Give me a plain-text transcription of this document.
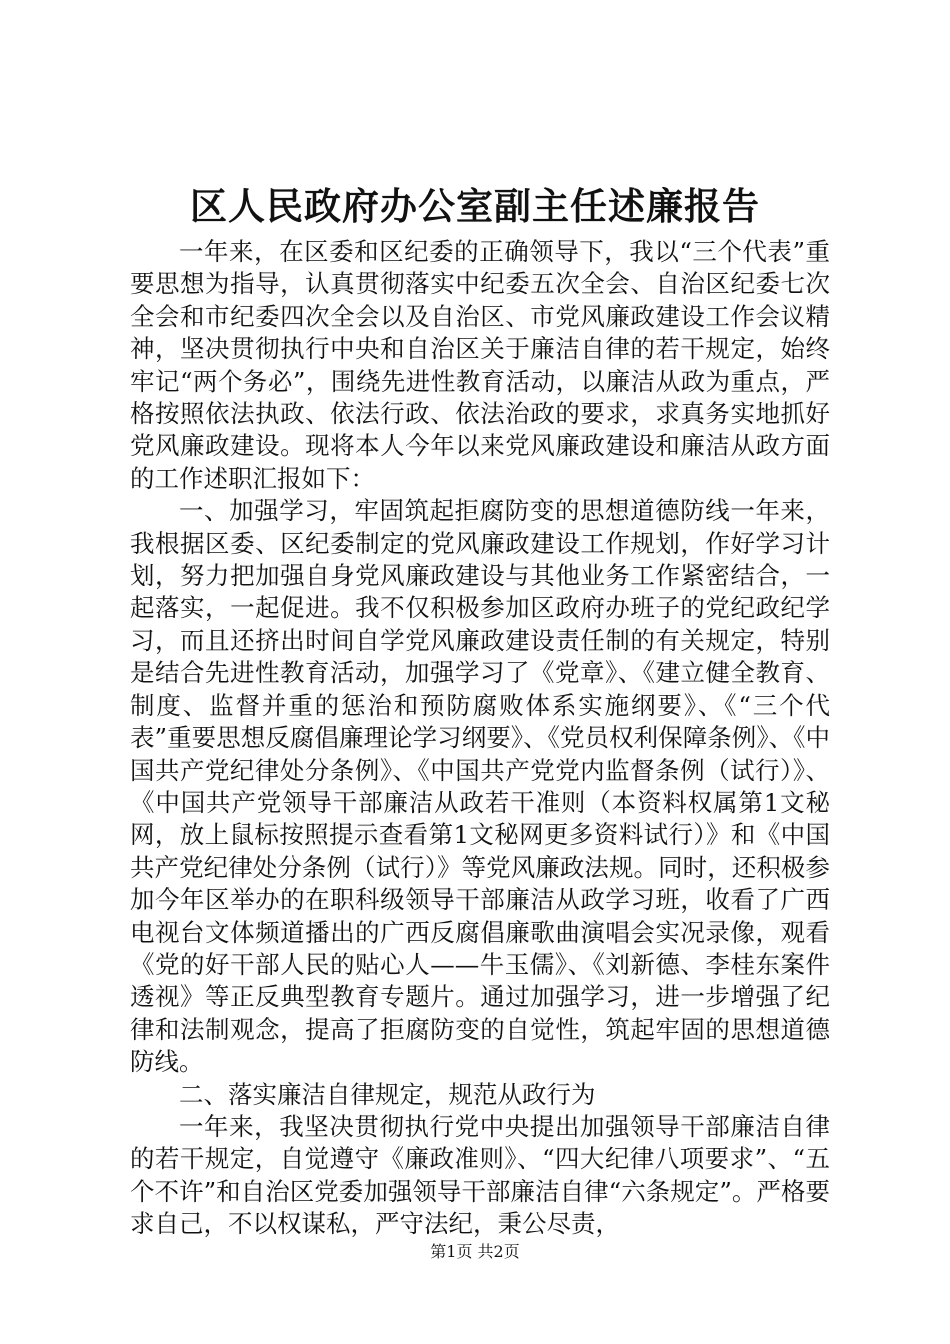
区人民政府办公室副主任述廉报告

一年来，在区委和区纪委的正确领导下，我以“三个代表”重要思想为指导，认真贯彻落实中纪委五次全会、自治区纪委七次全会和市纪委四次全会以及自治区、市党风廉政建设工作会议精神，坚决贯彻执行中央和自治区关于廉洁自律的若干规定，始终牢记“两个务必”，围绕先进性教育活动，以廉洁从政为重点，严格按照依法执政、依法行政、依法治政的要求，求真务实地抓好党风廉政建设。现将本人今年以来党风廉政建设和廉洁从政方面的工作述职汇报如下：

一、加强学习，牢固筑起拒腐防变的思想道德防线一年来，我根据区委、区纪委制定的党风廉政建设工作规划，作好学习计划，努力把加强自身党风廉政建设与其他业务工作紧密结合，一起落实，一起促进。我不仅积极参加区政府办班子的党纪政纪学习，而且还挤出时间自学党风廉政建设责任制的有关规定，特别是结合先进性教育活动，加强学习了《党章》、《建立健全教育、制度、监督并重的惩治和预防腐败体系实施纲要》、《“三个代表”重要思想反腐倡廉理论学习纲要》、《党员权利保障条例》、《中国共产党纪律处分条例》、《中国共产党党内监督条例（试行）》、《中国共产党领导干部廉洁从政若干准则（本资料权属第1文秘网，放上鼠标按照提示查看第1文秘网更多资料试行）》和《中国共产党纪律处分条例（试行）》等党风廉政法规。同时，还积极参加今年区举办的在职科级领导干部廉洁从政学习班，收看了广西电视台文体频道播出的广西反腐倡廉歌曲演唱会实况录像，观看《党的好干部人民的贴心人——牛玉儒》、《刘新德、李桂东案件透视》等正反典型教育专题片。通过加强学习，进一步增强了纪律和法制观念，提高了拒腐防变的自觉性，筑起牢固的思想道德防线。

二、落实廉洁自律规定，规范从政行为

一年来，我坚决贯彻执行党中央提出加强领导干部廉洁自律的若干规定，自觉遵守《廉政准则》、“四大纪律八项要求”、“五个不许”和自治区党委加强领导干部廉洁自律“六条规定”。严格要求自己，不以权谋私，严守法纪，秉公尽责，

第1页 共2页
